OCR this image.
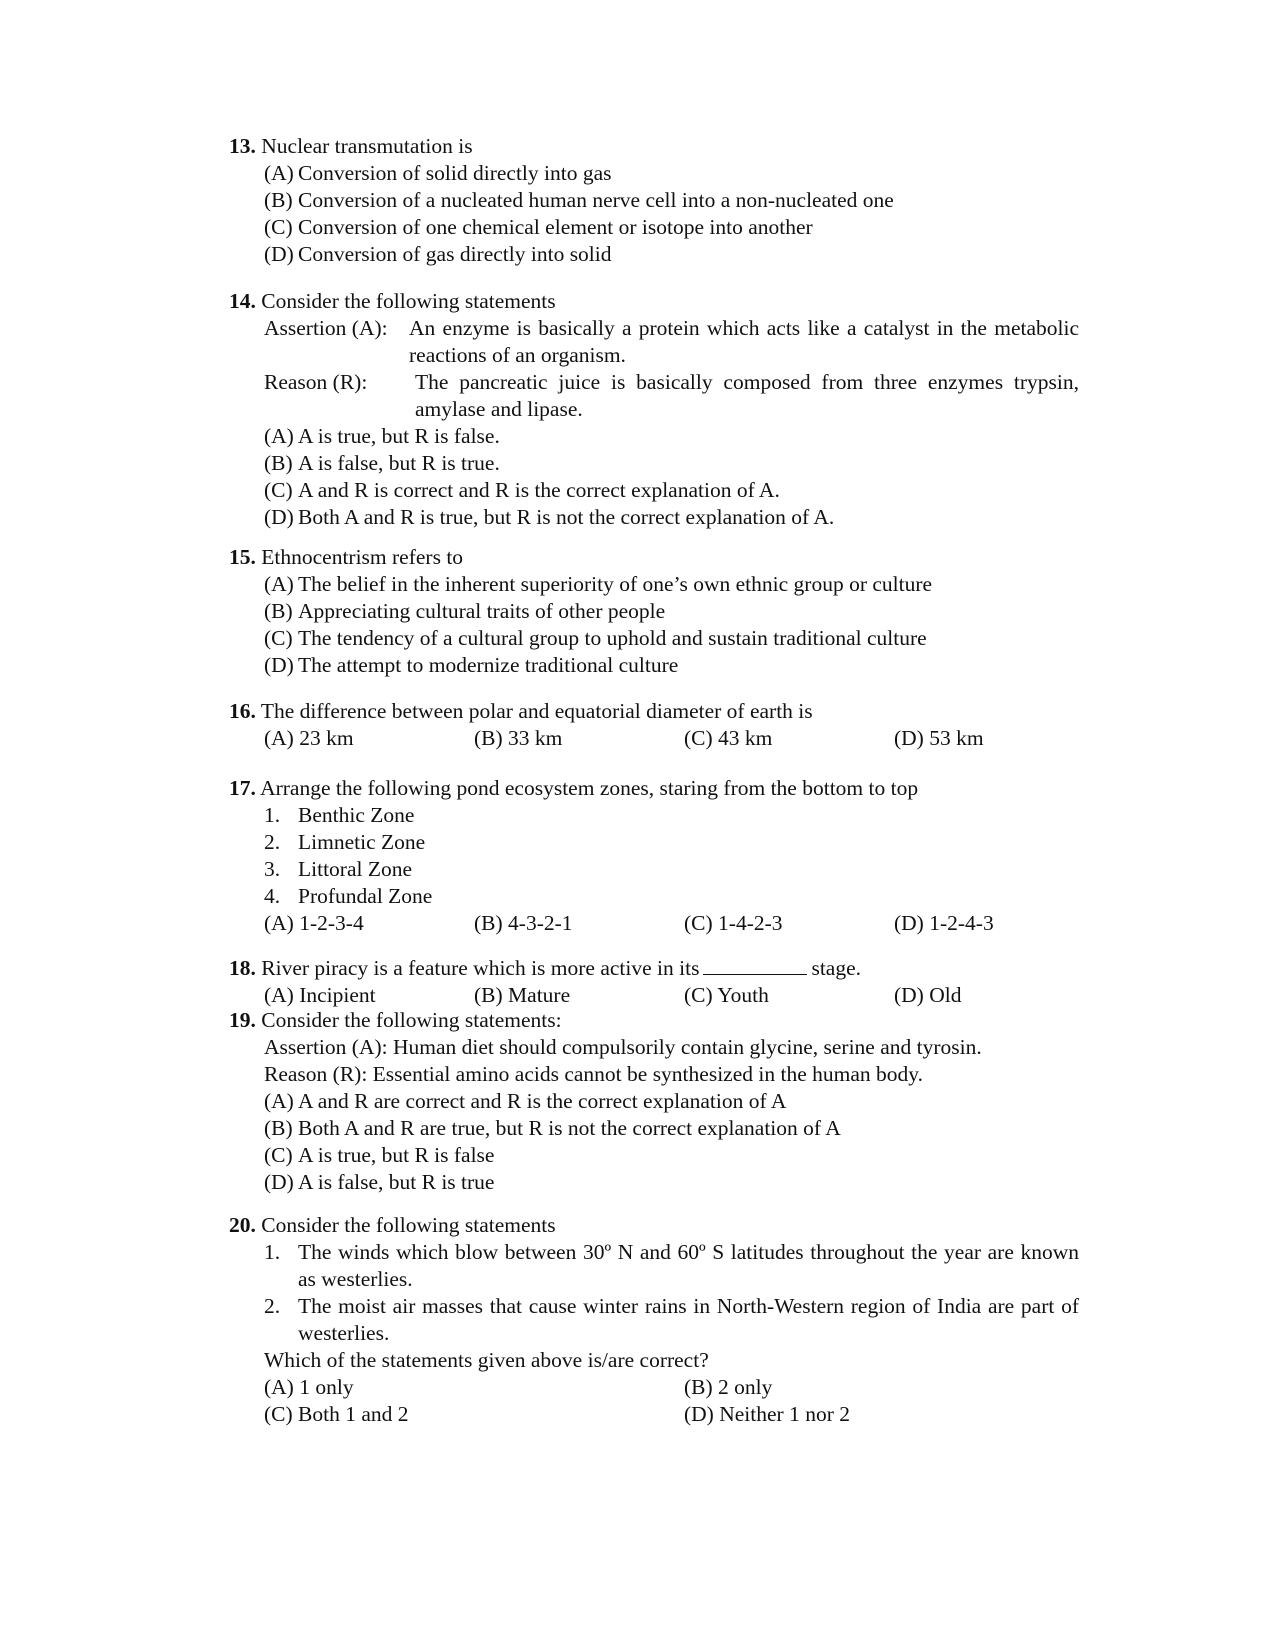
13. Nuclear transmutation is
(A) Conversion of solid directly into gas
(B) Conversion of a nucleated human nerve cell into a non-nucleated one
(C) Conversion of one chemical element or isotope into another
(D) Conversion of gas directly into solid
14. Consider the following statements
Assertion (A): An enzyme is basically a protein which acts like a catalyst in the metabolic reactions of an organism.
Reason (R):	The pancreatic juice is basically composed from three enzymes trypsin, amylase and lipase.
(A) A is true, but R is false.
(B) A is false, but R is true.
(C) A and R is correct and R is the correct explanation of A.
(D) Both A and R is true, but R is not the correct explanation of A.
15. Ethnocentrism refers to
(A) The belief in the inherent superiority of one’s own ethnic group or culture
(B) Appreciating cultural traits of other people
(C) The tendency of a cultural group to uphold and sustain traditional culture
(D) The attempt to modernize traditional culture
16. The difference between polar and equatorial diameter of earth is
(A) 23 km	(B) 33 km	(C) 43 km	(D) 53 km
17. Arrange the following pond ecosystem zones, staring from the bottom to top
1. Benthic Zone
2. Limnetic Zone
3. Littoral Zone
4. Profundal Zone
(A) 1-2-3-4	(B) 4-3-2-1	(C) 1-4-2-3	(D) 1-2-4-3
18. River piracy is a feature which is more active in its	stage.
(A) Incipient	(B) Mature	(C) Youth	(D) Old
19. Consider the following statements:
Assertion (A): Human diet should compulsorily contain glycine, serine and tyrosin.
Reason (R): Essential amino acids cannot be synthesized in the human body.
(A) A and R are correct and R is the correct explanation of A
(B) Both A and R are true, but R is not the correct explanation of A
(C) A is true, but R is false
(D) A is false, but R is true
20. Consider the following statements
1. The winds which blow between 30º N and 60º S latitudes throughout the year are known as westerlies.
2. The moist air masses that cause winter rains in North-Western region of India are part of westerlies.
Which of the statements given above is/are correct?
(A) 1 only	(B) 2 only
(C) Both 1 and 2	(D) Neither 1 nor 2
